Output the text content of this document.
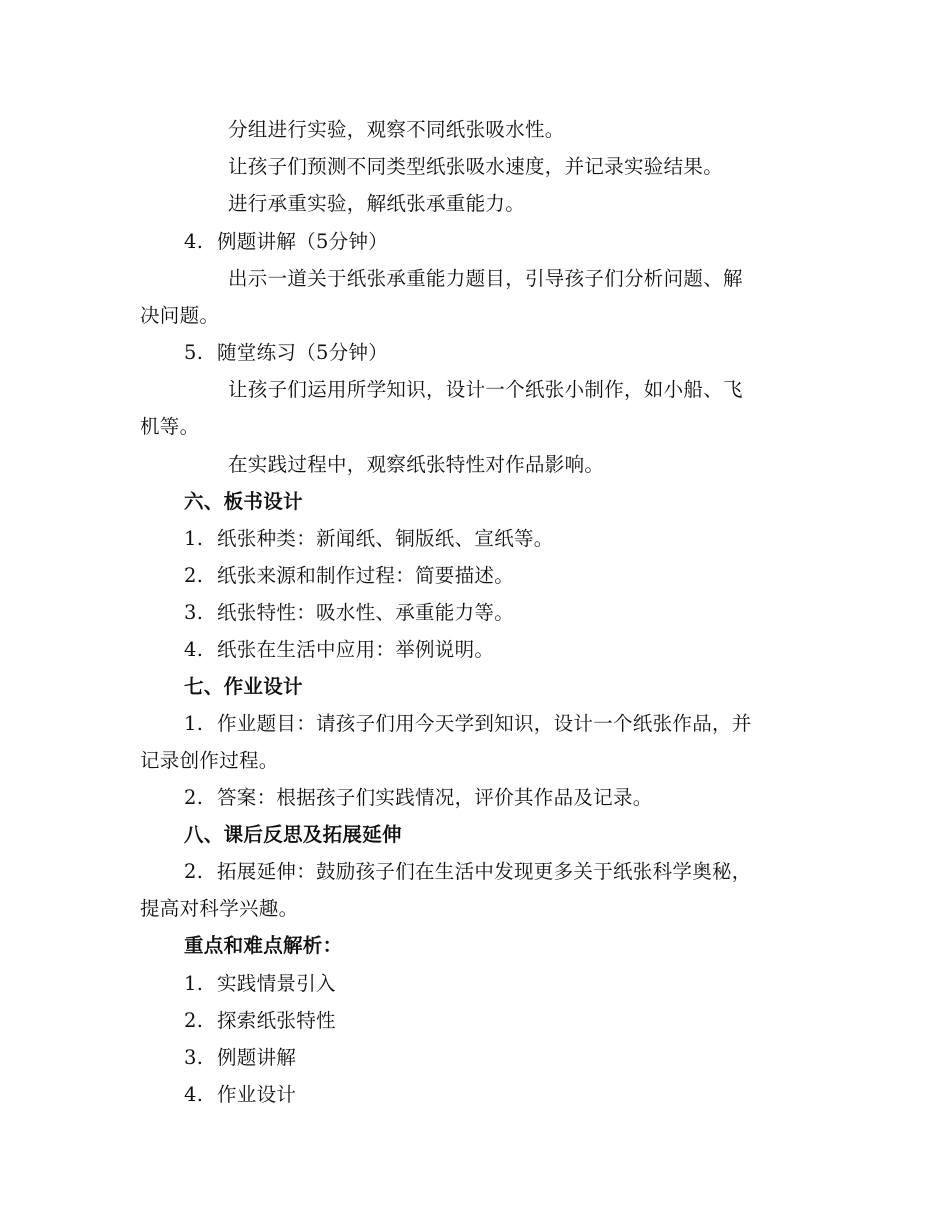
分组进行实验，观察不同纸张吸水性。
让孩子们预测不同类型纸张吸水速度，并记录实验结果。
进行承重实验，解纸张承重能力。
4. 例题讲解（5分钟）
出示一道关于纸张承重能力题目，引导孩子们分析问题、解
决问题。
5. 随堂练习（5分钟）
让孩子们运用所学知识，设计一个纸张小制作，如小船、飞
机等。
在实践过程中，观察纸张特性对作品影响。
六、板书设计
1. 纸张种类：新闻纸、铜版纸、宣纸等。
2. 纸张来源和制作过程：简要描述。
3. 纸张特性：吸水性、承重能力等。
4. 纸张在生活中应用：举例说明。
七、作业设计
1. 作业题目：请孩子们用今天学到知识，设计一个纸张作品，并
记录创作过程。
2. 答案：根据孩子们实践情况，评价其作品及记录。
八、课后反思及拓展延伸
2. 拓展延伸：鼓励孩子们在生活中发现更多关于纸张科学奥秘，
提高对科学兴趣。
重点和难点解析：
1. 实践情景引入
2. 探索纸张特性
3. 例题讲解
4. 作业设计
